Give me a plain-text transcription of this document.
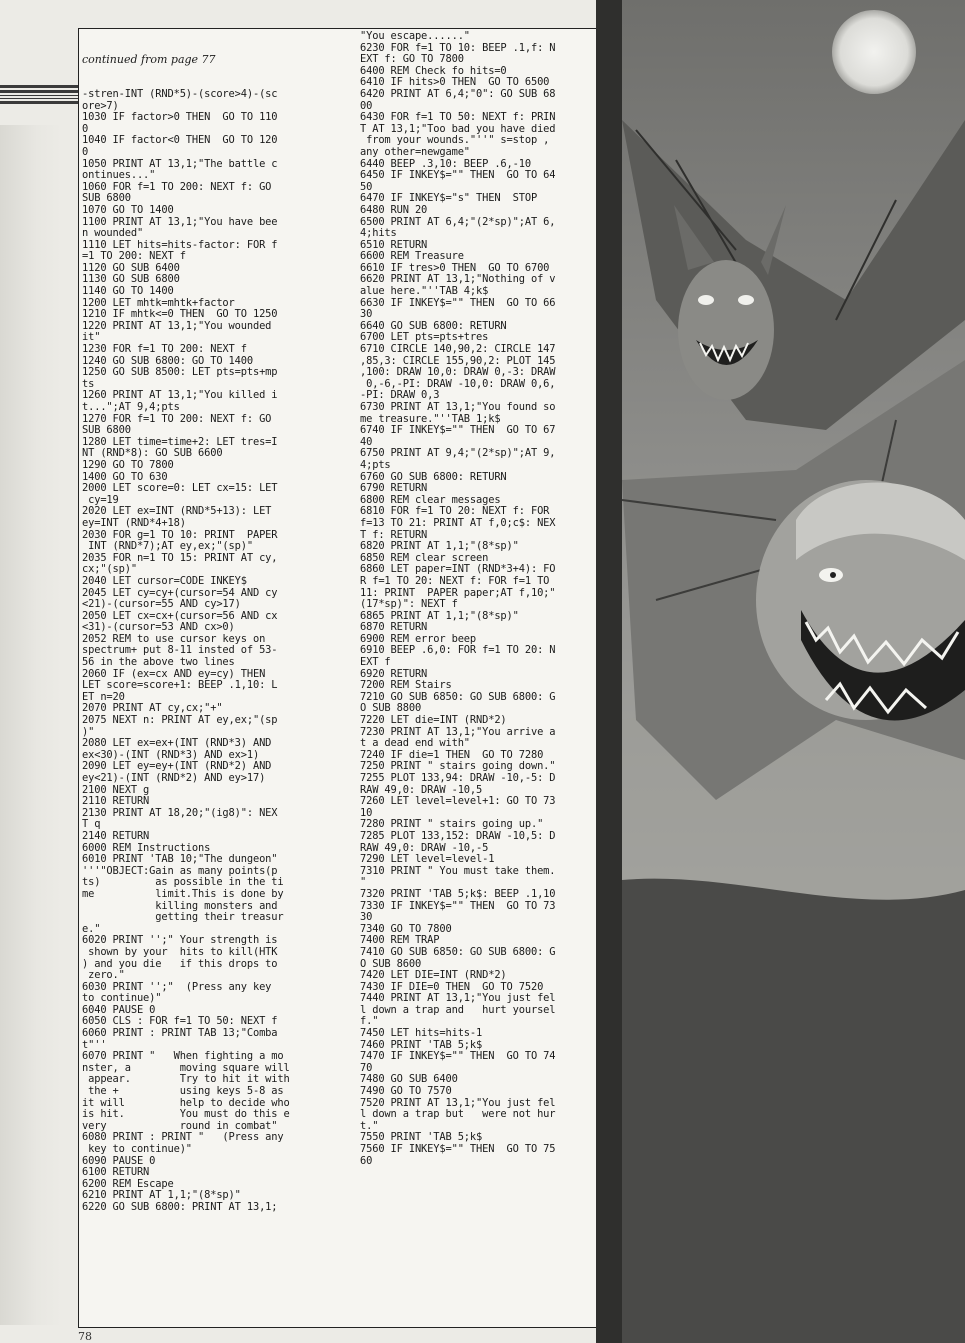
continued from page 77

-stren-INT (RND*5)-(score>4)-(sc
ore>7)
1030 IF factor>0 THEN  GO TO 110
0
1040 IF factor<0 THEN  GO TO 120
0
1050 PRINT AT 13,1;"The battle c
ontinues..."
1060 FOR f=1 TO 200: NEXT f: GO
SUB 6800
1070 GO TO 1400
1100 PRINT AT 13,1;"You have bee
n wounded"
1110 LET hits=hits-factor: FOR f
=1 TO 200: NEXT f
1120 GO SUB 6400
1130 GO SUB 6800
1140 GO TO 1400
1200 LET mhtk=mhtk+factor
1210 IF mhtk<=0 THEN  GO TO 1250
1220 PRINT AT 13,1;"You wounded
it"
1230 FOR f=1 TO 200: NEXT f
1240 GO SUB 6800: GO TO 1400
1250 GO SUB 8500: LET pts=pts+mp
ts
1260 PRINT AT 13,1;"You killed i
t...";AT 9,4;pts
1270 FOR f=1 TO 200: NEXT f: GO
SUB 6800
1280 LET time=time+2: LET tres=I
NT (RND*8): GO SUB 6600
1290 GO TO 7800
1400 GO TO 630
2000 LET score=0: LET cx=15: LET
cy=19
2020 LET ex=INT (RND*5+13): LET
ey=INT (RND*4+18)
2030 FOR g=1 TO 10: PRINT  PAPER
INT (RND*7);AT ey,ex;"(sp)"
2035 FOR n=1 TO 15: PRINT AT cy,
cx;"(sp)"
2040 LET cursor=CODE INKEY$
2045 LET cy=cy+(cursor=54 AND cy
<21)-(cursor=55 AND cy>17)
2050 LET cx=cx+(cursor=56 AND cx
<31)-(cursor=53 AND cx>0)
2052 REM to use cursor keys on
spectrum+ put 8-11 insted of 53-
56 in the above two lines
2060 IF (ex=cx AND ey=cy) THEN
LET score=score+1: BEEP .1,10: L
ET n=20
2070 PRINT AT cy,cx;"+"
2075 NEXT n: PRINT AT ey,ex;"(sp
)"
2080 LET ex=ex+(INT (RND*3) AND
ex<30)-(INT (RND*3) AND ex>1)
2090 LET ey=ey+(INT (RND*2) AND
ey<21)-(INT (RND*2) AND ey>17)
2100 NEXT g
2110 RETURN
2130 PRINT AT 18,20;"(ig8)": NEX
T q
2140 RETURN
6000 REM Instructions
6010 PRINT 'TAB 10;"The dungeon"
'''"OBJECT:Gain as many points(p
ts)         as possible in the ti
me          limit.This is done by
killing monsters and
getting their treasur
e."
6020 PRINT '';" Your strength is
shown by your  hits to kill(HTK
) and you die   if this drops to
zero."
6030 PRINT '';"  (Press any key
to continue)"
6040 PAUSE 0
6050 CLS : FOR f=1 TO 50: NEXT f
6060 PRINT : PRINT TAB 13;"Comba
t"''
6070 PRINT "   When fighting a mo
nster, a        moving square will
appear.        Try to hit it with
the +          using keys 5-8 as
it will         help to decide who
is hit.         You must do this e
very            round in combat"
6080 PRINT : PRINT "   (Press any
key to continue)"
6090 PAUSE 0
6100 RETURN
6200 REM Escape
6210 PRINT AT 1,1;"(8*sp)"
6220 GO SUB 6800: PRINT AT 13,1;
"You escape......"
6230 FOR f=1 TO 10: BEEP .1,f: N
EXT f: GO TO 7800
6400 REM Check fo hits=0
6410 IF hits>0 THEN  GO TO 6500
6420 PRINT AT 6,4;"0": GO SUB 68
00
6430 FOR f=1 TO 50: NEXT f: PRIN
T AT 13,1;"Too bad you have died
from your wounds."''" s=stop ,
any other=newgame"
6440 BEEP .3,10: BEEP .6,-10
6450 IF INKEY$="" THEN  GO TO 64
50
6470 IF INKEY$="s" THEN  STOP
6480 RUN 20
6500 PRINT AT 6,4;"(2*sp)";AT 6,
4;hits
6510 RETURN
6600 REM Treasure
6610 IF tres>0 THEN  GO TO 6700
6620 PRINT AT 13,1;"Nothing of v
alue here."''TAB 4;k$
6630 IF INKEY$="" THEN  GO TO 66
30
6640 GO SUB 6800: RETURN
6700 LET pts=pts+tres
6710 CIRCLE 140,90,2: CIRCLE 147
,85,3: CIRCLE 155,90,2: PLOT 145
,100: DRAW 10,0: DRAW 0,-3: DRAW
0,-6,-PI: DRAW -10,0: DRAW 0,6,
-PI: DRAW 0,3
6730 PRINT AT 13,1;"You found so
me treasure."''TAB 1;k$
6740 IF INKEY$="" THEN  GO TO 67
40
6750 PRINT AT 9,4;"(2*sp)";AT 9,
4;pts
6760 GO SUB 6800: RETURN
6790 RETURN
6800 REM clear messages
6810 FOR f=1 TO 20: NEXT f: FOR
f=13 TO 21: PRINT AT f,0;c$: NEX
T f: RETURN
6820 PRINT AT 1,1;"(8*sp)"
6850 REM clear screen
6860 LET paper=INT (RND*3+4): FO
R f=1 TO 20: NEXT f: FOR f=1 TO
11: PRINT  PAPER paper;AT f,10;"
(17*sp)": NEXT f
6865 PRINT AT 1,1;"(8*sp)"
6870 RETURN
6900 REM error beep
6910 BEEP .6,0: FOR f=1 TO 20: N
EXT f
6920 RETURN
7200 REM Stairs
7210 GO SUB 6850: GO SUB 6800: G
O SUB 8800
7220 LET die=INT (RND*2)
7230 PRINT AT 13,1;"You arrive a
t a dead end with"
7240 IF die=1 THEN  GO TO 7280
7250 PRINT " stairs going down."
7255 PLOT 133,94: DRAW -10,-5: D
RAW 49,0: DRAW -10,5
7260 LET level=level+1: GO TO 73
10
7280 PRINT " stairs going up."
7285 PLOT 133,152: DRAW -10,5: D
RAW 49,0: DRAW -10,-5
7290 LET level=level-1
7310 PRINT " You must take them.
"
7320 PRINT 'TAB 5;k$: BEEP .1,10
7330 IF INKEY$="" THEN  GO TO 73
30
7340 GO TO 7800
7400 REM TRAP
7410 GO SUB 6850: GO SUB 6800: G
O SUB 8600
7420 LET DIE=INT (RND*2)
7430 IF DIE=0 THEN  GO TO 7520
7440 PRINT AT 13,1;"You just fel
l down a trap and   hurt yoursel
f."
7450 LET hits=hits-1
7460 PRINT 'TAB 5;k$
7470 IF INKEY$="" THEN  GO TO 74
70
7480 GO SUB 6400
7490 GO TO 7570
7520 PRINT AT 13,1;"You just fel
l down a trap but   were not hur
t."
7550 PRINT 'TAB 5;k$
7560 IF INKEY$="" THEN  GO TO 75
60
78
